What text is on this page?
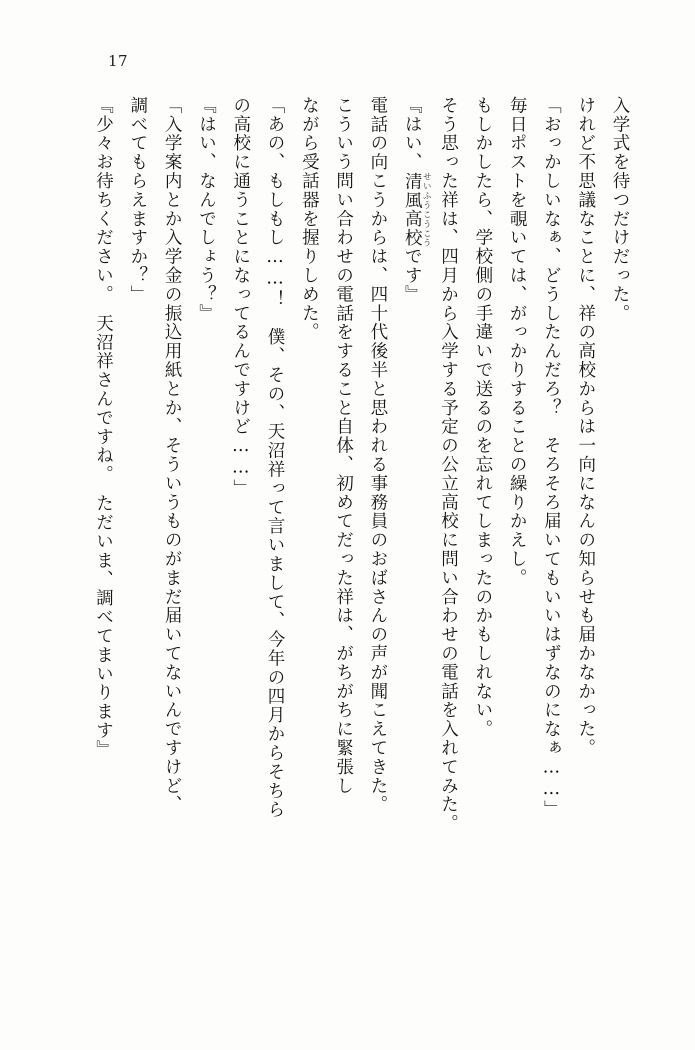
17

入学式を待つだけだった。

けれど不思議なことに、祥の高校からは一向になんの知らせも届かなかった。

「おっかしいなぁ、どうしたんだろ？　そろそろ届いてもいいはずなのになぁ……」

毎日ポストを覗いては、がっかりすることの繰りかえし。

もしかしたら、学校側の手違いで送るのを忘れてしまったのかもしれない。

そう思った祥は、四月から入学する予定の公立高校に問い合わせの電話を入れてみた。

『はい、清風高校 せいふうこうこうです』

電話の向こうからは、四十代後半と思われる事務員のおばさんの声が聞こえてきた。

こういう問い合わせの電話をすること自体、初めてだった祥は、がちがちに緊張し

ながら受話器を握りしめた。

「あの、もしもし……！　僕、その、天沼祥って言いまして、今年の四月からそちら

の高校に通うことになってるんですけど……」

『はい、なんでしょう？』

「入学案内とか入学金の振込用紙とか、そういうものがまだ届いてないんですけど、

調べてもらえますか？」

『少々お待ちください。　天沼祥さんですね。　ただいま、調べてまいります』
